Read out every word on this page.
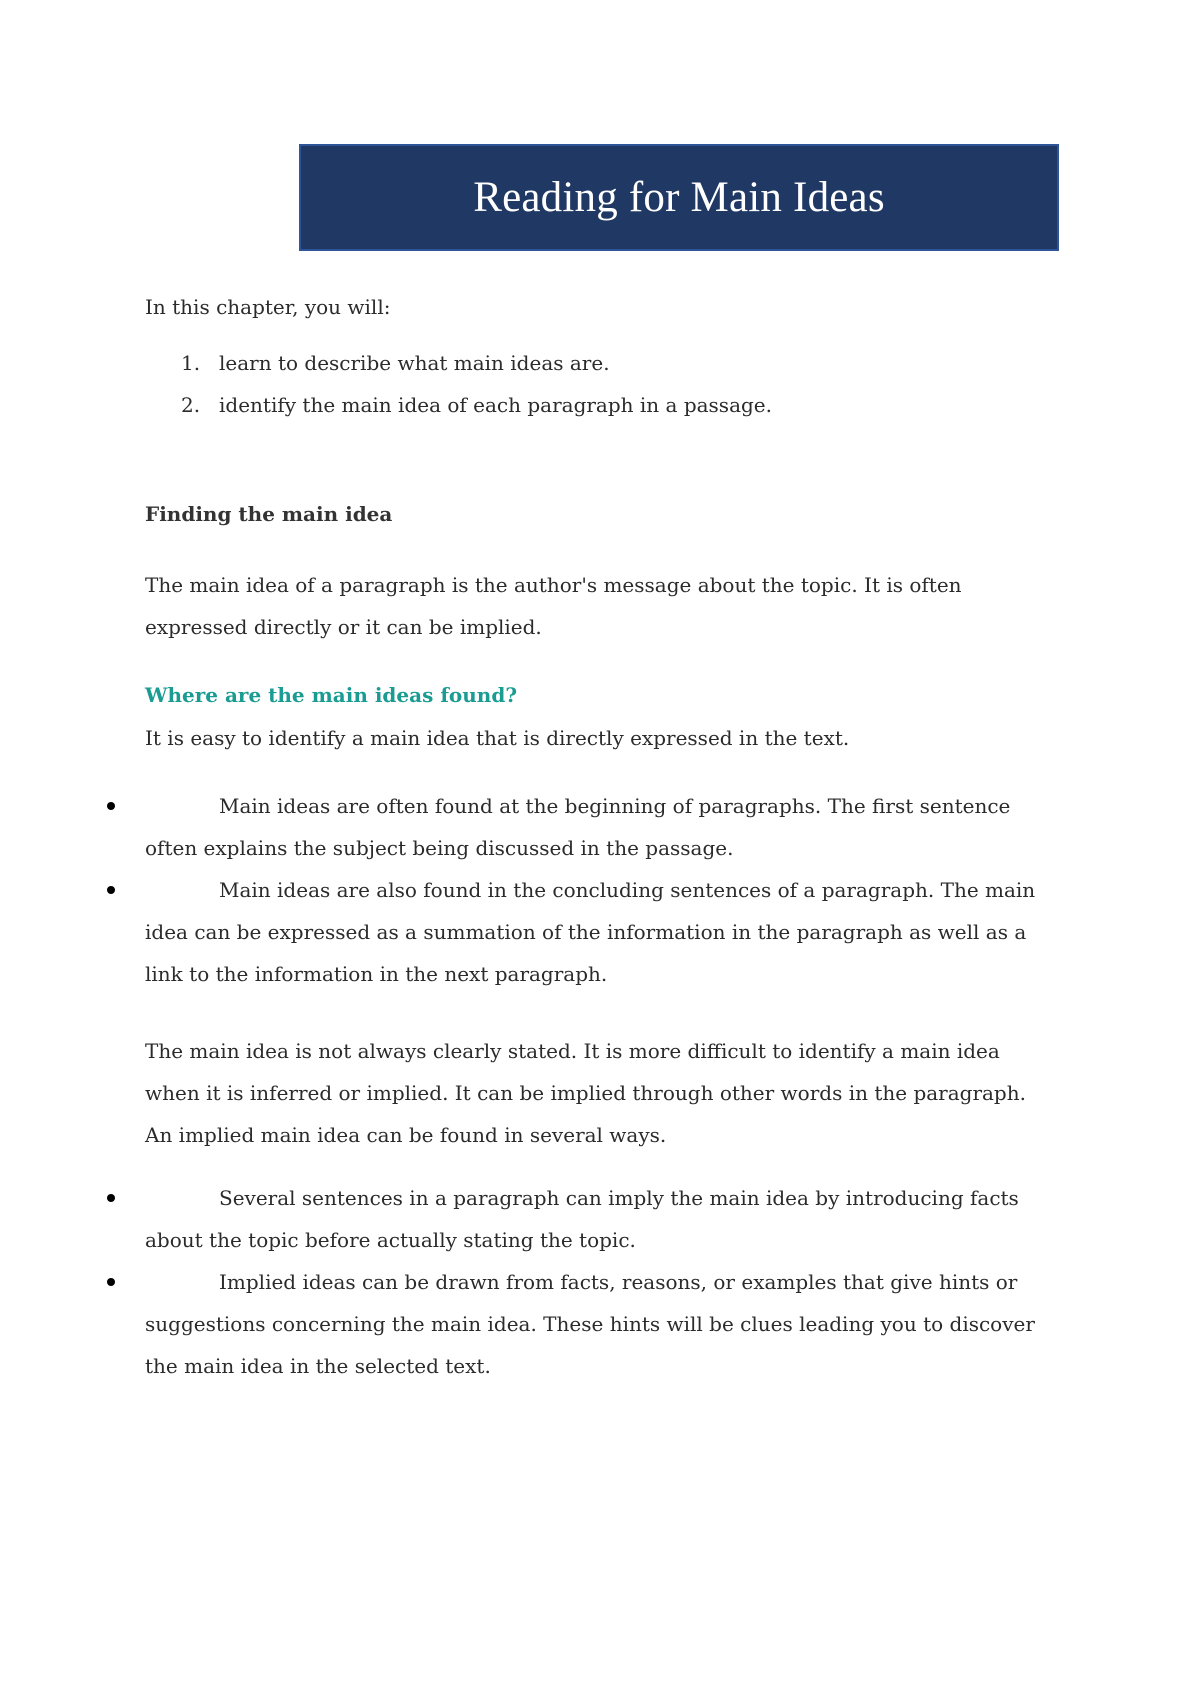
Reading for Main Ideas
In this chapter, you will:
1. learn to describe what main ideas are.
2. identify the main idea of each paragraph in a passage.
Finding the main idea
The main idea of a paragraph is the author's message about the topic. It is often expressed directly or it can be implied.
Where are the main ideas found?
It is easy to identify a main idea that is directly expressed in the text.
Main ideas are often found at the beginning of paragraphs. The first sentence often explains the subject being discussed in the passage.
Main ideas are also found in the concluding sentences of a paragraph. The main idea can be expressed as a summation of the information in the paragraph as well as a link to the information in the next paragraph.
The main idea is not always clearly stated. It is more difficult to identify a main idea when it is inferred or implied. It can be implied through other words in the paragraph. An implied main idea can be found in several ways.
Several sentences in a paragraph can imply the main idea by introducing facts about the topic before actually stating the topic.
Implied ideas can be drawn from facts, reasons, or examples that give hints or suggestions concerning the main idea. These hints will be clues leading you to discover the main idea in the selected text.
